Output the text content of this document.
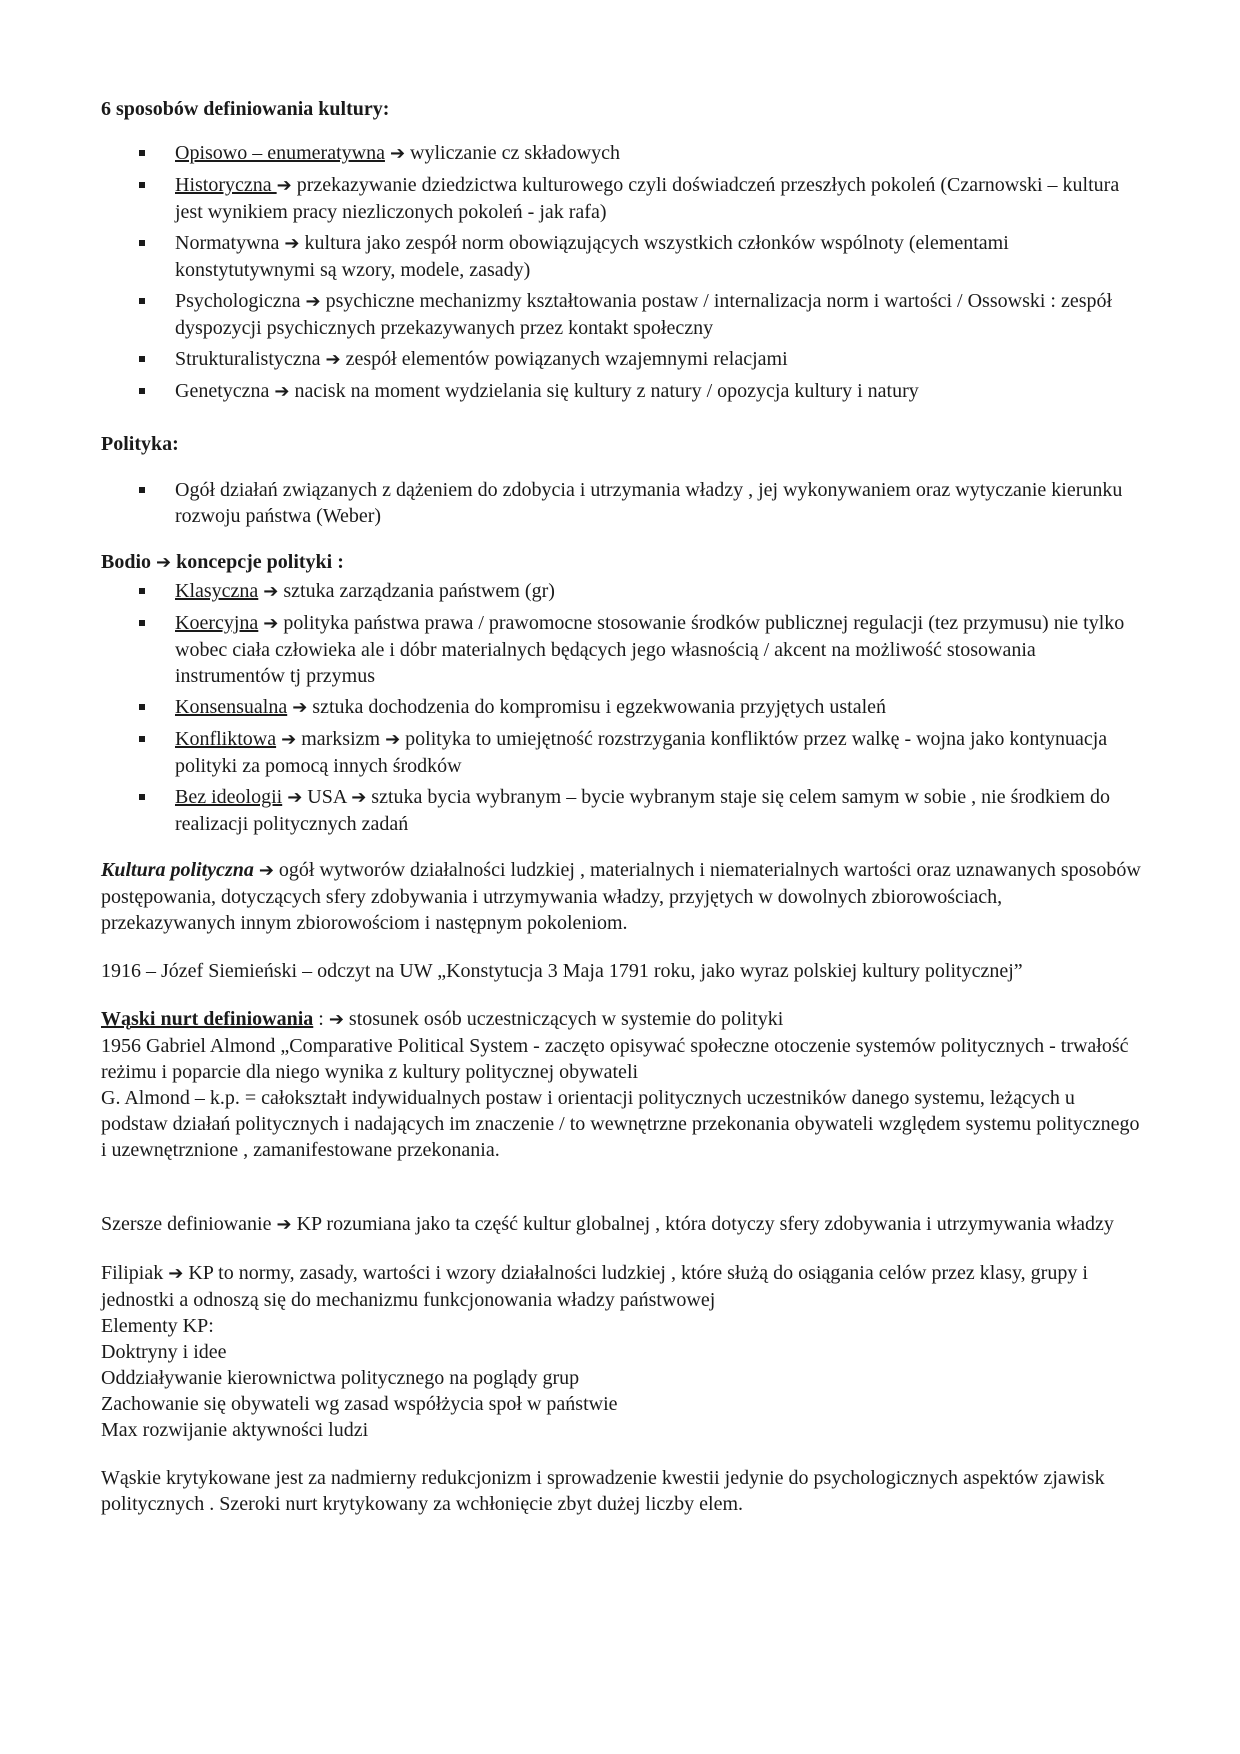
6 sposobów definiowania kultury:

Opisowo – enumeratywna ➔ wyliczanie cz składowych
Historyczna ➔ przekazywanie dziedzictwa kulturowego czyli doświadczeń przeszłych pokoleń (Czarnowski – kultura jest wynikiem pracy niezliczonych pokoleń - jak rafa)
Normatywna ➔ kultura jako zespół norm obowiązujących wszystkich członków wspólnoty (elementami konstytutywnymi są wzory, modele, zasady)
Psychologiczna ➔ psychiczne mechanizmy kształtowania postaw / internalizacja norm i wartości / Ossowski : zespół dyspozycji psychicznych przekazywanych przez kontakt społeczny
Strukturalistyczna ➔ zespół elementów powiązanych wzajemnymi relacjami
Genetyczna ➔ nacisk na moment wydzielania się kultury z natury / opozycja kultury i natury

Polityka:

Ogół działań związanych z dążeniem do zdobycia i utrzymania władzy , jej wykonywaniem oraz wytyczanie kierunku rozwoju państwa (Weber)

Bodio ➔ koncepcje polityki :

Klasyczna ➔ sztuka zarządzania państwem (gr)
Koercyjna ➔ polityka państwa prawa / prawomocne stosowanie środków publicznej regulacji (tez przymusu) nie tylko wobec ciała człowieka ale i dóbr materialnych będących jego własnością / akcent na możliwość stosowania instrumentów tj przymus
Konsensualna ➔ sztuka dochodzenia do kompromisu i egzekwowania przyjętych ustaleń
Konfliktowa ➔ marksizm ➔ polityka to umiejętność rozstrzygania konfliktów przez walkę - wojna jako kontynuacja polityki za pomocą innych środków
Bez ideologii ➔ USA ➔ sztuka bycia wybranym – bycie wybranym staje się celem samym w sobie , nie środkiem do realizacji politycznych zadań

Kultura polityczna ➔ ogół wytworów działalności ludzkiej , materialnych i niematerialnych wartości oraz uznawanych sposobów postępowania, dotyczących sfery zdobywania i utrzymywania władzy, przyjętych w dowolnych zbiorowościach, przekazywanych innym zbiorowościom i następnym pokoleniom.

1916 – Józef Siemieński – odczyt na UW „Konstytucja 3 Maja 1791 roku, jako wyraz polskiej kultury politycznej”

Wąski nurt definiowania : ➔ stosunek osób uczestniczących w systemie do polityki

1956 Gabriel Almond „Comparative Political System - zaczęto opisywać społeczne otoczenie systemów politycznych - trwałość reżimu i poparcie dla niego wynika z kultury politycznej obywateli

G. Almond – k.p. = całokształt indywidualnych postaw i orientacji politycznych uczestników danego systemu, leżących u podstaw działań politycznych i nadających im znaczenie / to wewnętrzne przekonania obywateli względem systemu politycznego i uzewnętrznione , zamanifestowane przekonania.

Szersze definiowanie ➔ KP rozumiana jako ta część kultur globalnej , która dotyczy sfery zdobywania i utrzymywania władzy

Filipiak ➔ KP to normy, zasady, wartości i wzory działalności ludzkiej , które służą do osiągania celów przez klasy, grupy i jednostki a odnoszą się do mechanizmu funkcjonowania władzy państwowej

Elementy KP:

Doktryny i idee

Oddziaływanie kierownictwa politycznego na poglądy grup

Zachowanie się obywateli wg zasad współżycia społ w państwie

Max rozwijanie aktywności ludzi

Wąskie krytykowane jest za nadmierny redukcjonizm i sprowadzenie kwestii jedynie do psychologicznych aspektów zjawisk politycznych . Szeroki nurt krytykowany za wchłonięcie zbyt dużej liczby elem.
